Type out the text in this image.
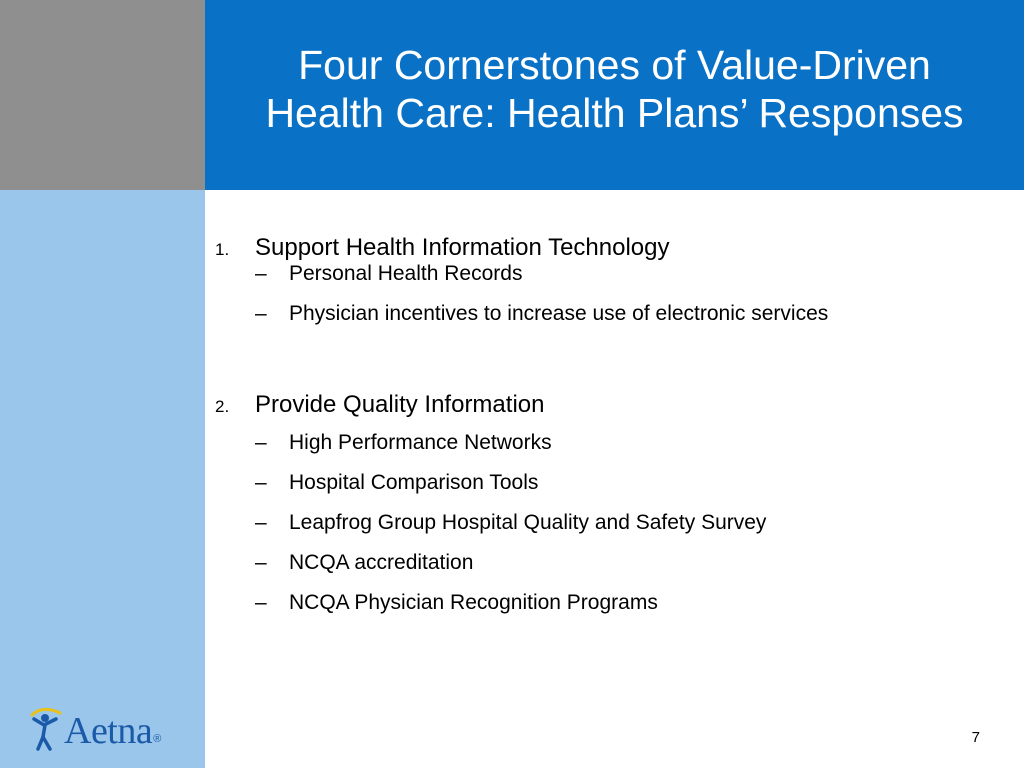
Four Cornerstones of Value-Driven
Health Care: Health Plans’ Responses
1.	Support Health Information Technology
–	Personal Health Records
–	Physician incentives to increase use of electronic services
2.	Provide Quality Information
–	High Performance Networks
–	Hospital Comparison Tools
–	Leapfrog Group Hospital Quality and Safety Survey
–	NCQA accreditation
–	NCQA Physician Recognition Programs
7
Aetna ®
